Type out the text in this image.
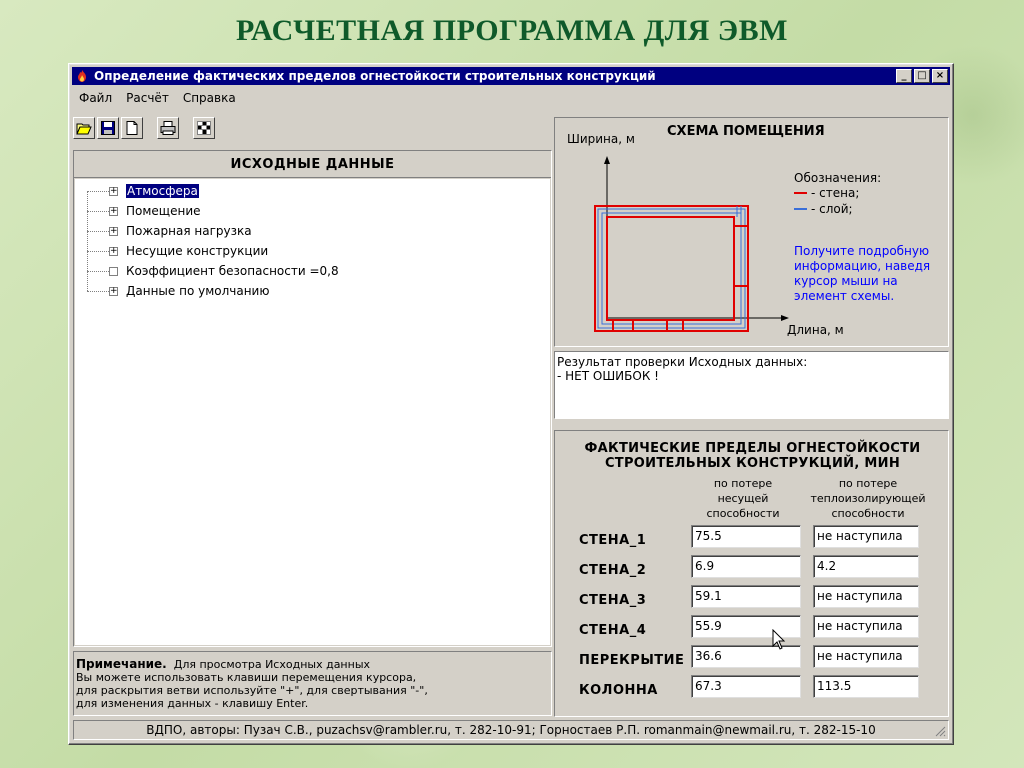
РАСЧЕТНАЯ ПРОГРАММА ДЛЯ ЭВМ
Определение фактических пределов огнестойкости строительных конструкций	_	□ ×
Файл	Расчёт	Справка
ИСХОДНЫЕ ДАННЫЕ
+ Атмосфера
+ Помещение
+ Пожарная нагрузка
+ Несущие конструкции
Коэффициент безопасности =0,8
+ Данные по умолчанию
Примечание. Для просмотра Исходных данных
Вы можете использовать клавиши перемещения курсора,
для раскрытия ветви используйте "+", для свертывания "-",
для изменения данных - клавишу Enter.
Ширина, м СХЕМА ПОМЕЩЕНИЯ
Обозначения:
- стена;
- слой;
Получите подробную информацию, наведя курсор мыши на элемент схемы.
Длина, м
Результат проверки Исходных данных:
- НЕТ ОШИБОК !
ФАКТИЧЕСКИЕ ПРЕДЕЛЫ ОГНЕСТОЙКОСТИ
СТРОИТЕЛЬНЫХ КОНСТРУКЦИЙ, МИН
по потере
несущей
способности
по потере
теплоизолирующей
способности
СТЕНА_1	75.5	не наступила
СТЕНА_2	6.9	4.2
СТЕНА_3	59.1	не наступила
СТЕНА_4	55.9	не наступила
ПЕРЕКРЫТИЕ 36.6	не наступила
КОЛОННА	67.3	113.5
ВДПО, авторы: Пузач С.В., puzachsv@rambler.ru, т. 282-10-91; Горностаев Р.П. romanmain@newmail.ru, т. 282-15-10
